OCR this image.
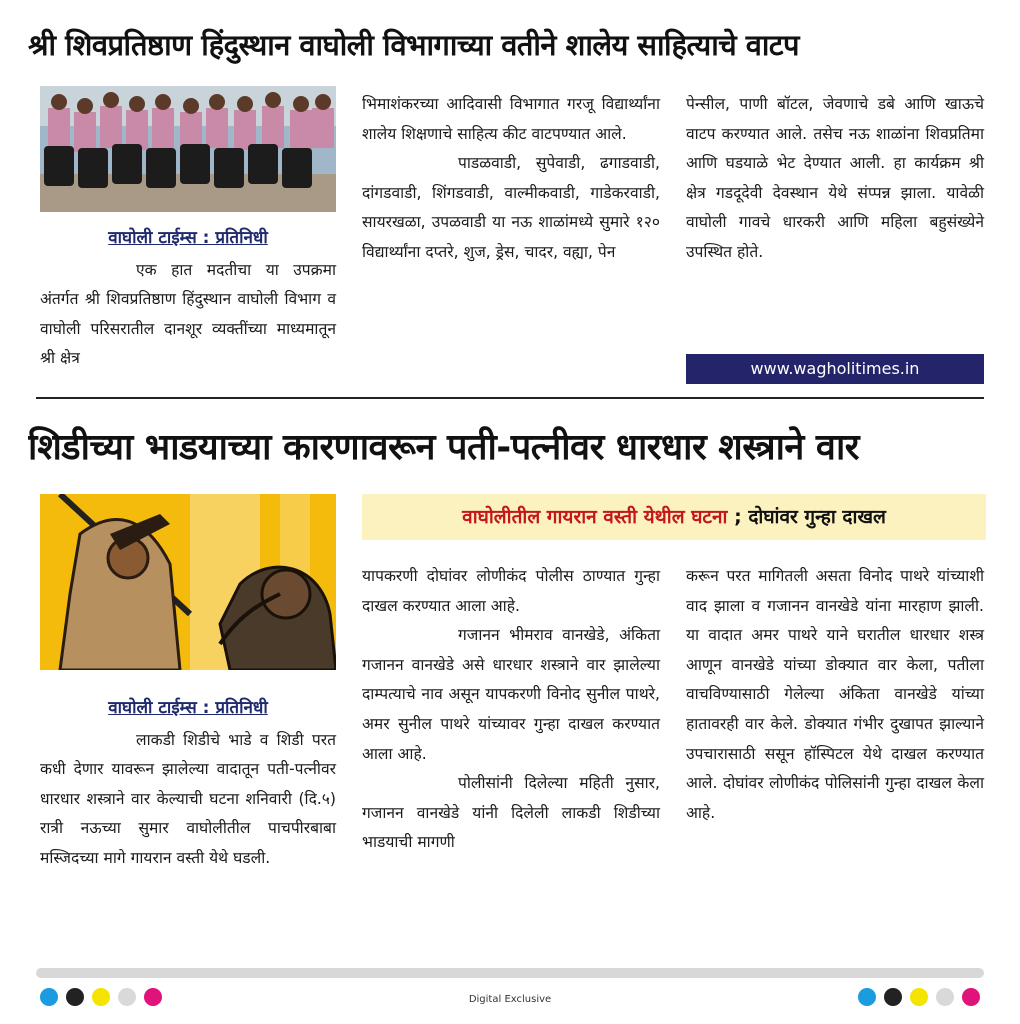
श्री शिवप्रतिष्ठाण हिंदुस्थान वाघोली विभागाच्या वतीने शालेय साहित्याचे वाटप
वाघोली टाईम्स : प्रतिनिधी

एक हात मदतीचा या उपक्रमा अंतर्गत श्री शिवप्रतिष्ठाण हिंदुस्थान वाघोली विभाग व वाघोली परिसरातील दानशूर व्यक्तींच्या माध्यमातून श्री क्षेत्र

भिमाशंकरच्या आदिवासी विभागात गरजू विद्यार्थ्यांना शालेय शिक्षणाचे साहित्य कीट वाटपण्यात आले.

पाडळवाडी, सुपेवाडी, ढगाडवाडी, दांगडवाडी, शिंगडवाडी, वाल्मीकवाडी, गाडेकरवाडी, सायरखळा, उपळवाडी या नऊ शाळांमध्ये सुमारे १२० विद्यार्थ्यांना दप्तरे, शुज, ड्रेस, चादर, वह्या, पेन

पेन्सील, पाणी बॉटल, जेवणाचे डबे आणि खाऊचे वाटप करण्यात आले. तसेच नऊ शाळांना शिवप्रतिमा आणि घडयाळे भेट देण्यात आली. हा कार्यक्रम श्री क्षेत्र गडदूदेवी देवस्थान येथे संप्पन्न झाला. यावेळी वाघोली गावचे धारकरी आणि महिला बहुसंख्येने उपस्थित होते.

www.wagholitimes.in
शिडीच्या भाडयाच्या कारणावरून पती-पत्नीवर धारधार शस्त्राने वार
वाघोलीतील गायरान वस्ती येथील घटना ; दोघांवर गुन्हा दाखल
वाघोली टाईम्स : प्रतिनिधी

लाकडी शिडीचे भाडे व शिडी परत कधी देणार यावरून झालेल्या वादातून पती-पत्नीवर धारधार शस्त्राने वार केल्याची घटना शनिवारी (दि.५) रात्री नऊच्या सुमार वाघोलीतील पाचपीरबाबा मस्जिदच्या मागे गायरान वस्ती येथे घडली.

यापकरणी दोघांवर लोणीकंद पोलीस ठाण्यात गुन्हा दाखल करण्यात आला आहे.

गजानन भीमराव वानखेडे, अंकिता गजानन वानखेडे असे धारधार शस्त्राने वार झालेल्या दाम्पत्याचे नाव असून यापकरणी विनोद सुनील पाथरे, अमर सुनील पाथरे यांच्यावर गुन्हा दाखल करण्यात आला आहे.

पोलीसांनी दिलेल्या महिती नुसार, गजानन वानखेडे यांनी दिलेली लाकडी शिडीच्या भाडयाची मागणी

करून परत मागितली असता विनोद पाथरे यांच्याशी वाद झाला व गजानन वानखेडे यांना मारहाण झाली. या वादात अमर पाथरे याने घरातील धारधार शस्त्र आणून वानखेडे यांच्या डोक्यात वार केला, पतीला वाचविण्यासाठी गेलेल्या अंकिता वानखेडे यांच्या हातावरही वार केले. डोक्यात गंभीर दुखापत झाल्याने उपचारासाठी ससून हॉस्पिटल येथे दाखल करण्यात आले. दोघांवर लोणीकंद पोलिसांनी गुन्हा दाखल केला आहे.

Digital Exclusive
